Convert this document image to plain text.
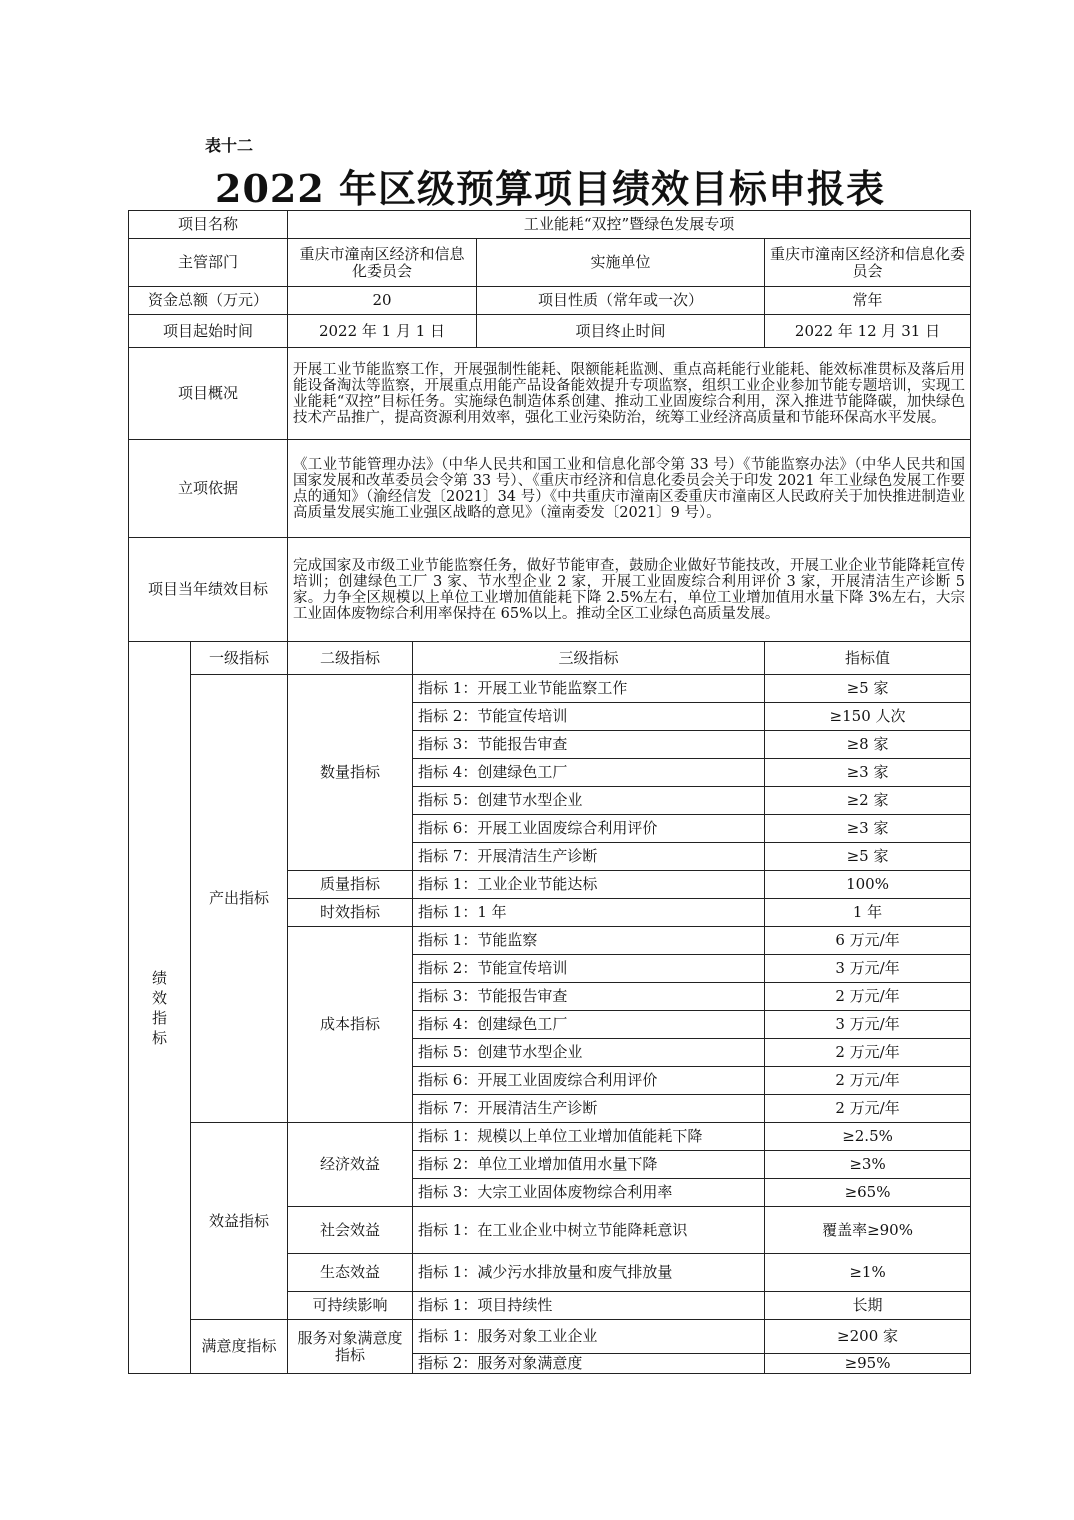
表十二
2022 年区级预算项目绩效目标申报表
项目名称		工业能耗“双控”暨绿色发展专项			
主管部门		重庆市潼南区经济和信息化委员会		实施单位	重庆市潼南区经济和信息化委员会
资金总额（万元）		20		项目性质（常年或一次）	常年
项目起始时间		2022 年 1 月 1 日		项目终止时间	2022 年 12 月 31 日
项目概况		开展工业节能监察工作，开展强制性能耗、限额能耗监测、重点高耗能行业能耗、能效标准贯标及落后用能设备淘汰等监察，开展重点用能产品设备能效提升专项监察，组织工业企业参加节能专题培训，实现工业能耗“双控”目标任务。实施绿色制造体系创建、推动工业固废综合利用，深入推进节能降碳，加快绿色技术产品推广，提高资源利用效率，强化工业污染防治，统筹工业经济高质量和节能环保高水平发展。			
立项依据		《工业节能管理办法》（中华人民共和国工业和信息化部令第 33 号）《节能监察办法》（中华人民共和国国家发展和改革委员会令第 33 号）、《重庆市经济和信息化委员会关于印发 2021 年工业绿色发展工作要点的通知》（渝经信发〔2021〕34 号）《中共重庆市潼南区委重庆市潼南区人民政府关于加快推进制造业高质量发展实施工业强区战略的意见》（潼南委发〔2021〕9 号）。			
项目当年绩效目标		完成国家及市级工业节能监察任务，做好节能审查，鼓励企业做好节能技改，开展工业企业节能降耗宣传培训；创建绿色工厂 3 家、节水型企业 2 家，开展工业固废综合利用评价 3 家，开展清洁生产诊断 5 家。力争全区规模以上单位工业增加值能耗下降 2.5%左右，单位工业增加值用水量下降 3%左右，大宗工业固体废物综合利用率保持在 65%以上。推动全区工业绿色高质量发展。			

绩效指标	一级指标	二级指标	三级指标		指标值
	产出指标	数量指标	指标 1：开展工业节能监察工作		≥5 家
			指标 2：节能宣传培训		≥150 人次
			指标 3：节能报告审查		≥8 家
			指标 4：创建绿色工厂		≥3 家
			指标 5：创建节水型企业		≥2 家
			指标 6：开展工业固废综合利用评价		≥3 家
			指标 7：开展清洁生产诊断		≥5 家
		质量指标	指标 1：工业企业节能达标		100%
		时效指标	指标 1：1 年		1 年
		成本指标	指标 1：节能监察		6 万元/年
			指标 2：节能宣传培训		3 万元/年
			指标 3：节能报告审查		2 万元/年
			指标 4：创建绿色工厂		3 万元/年
			指标 5：创建节水型企业		2 万元/年
			指标 6：开展工业固废综合利用评价		2 万元/年
			指标 7：开展清洁生产诊断		2 万元/年
	效益指标	经济效益	指标 1：规模以上单位工业增加值能耗下降		≥2.5%
			指标 2：单位工业增加值用水量下降		≥3%
			指标 3：大宗工业固体废物综合利用率		≥65%
		社会效益	指标 1：在工业企业中树立节能降耗意识		覆盖率≥90%
		生态效益	指标 1：减少污水排放量和废气排放量		≥1%
		可持续影响	指标 1：项目持续性		长期
	满意度指标	服务对象满意度指标	指标 1：服务对象工业企业		≥200 家
			指标 2：服务对象满意度		≥95%
